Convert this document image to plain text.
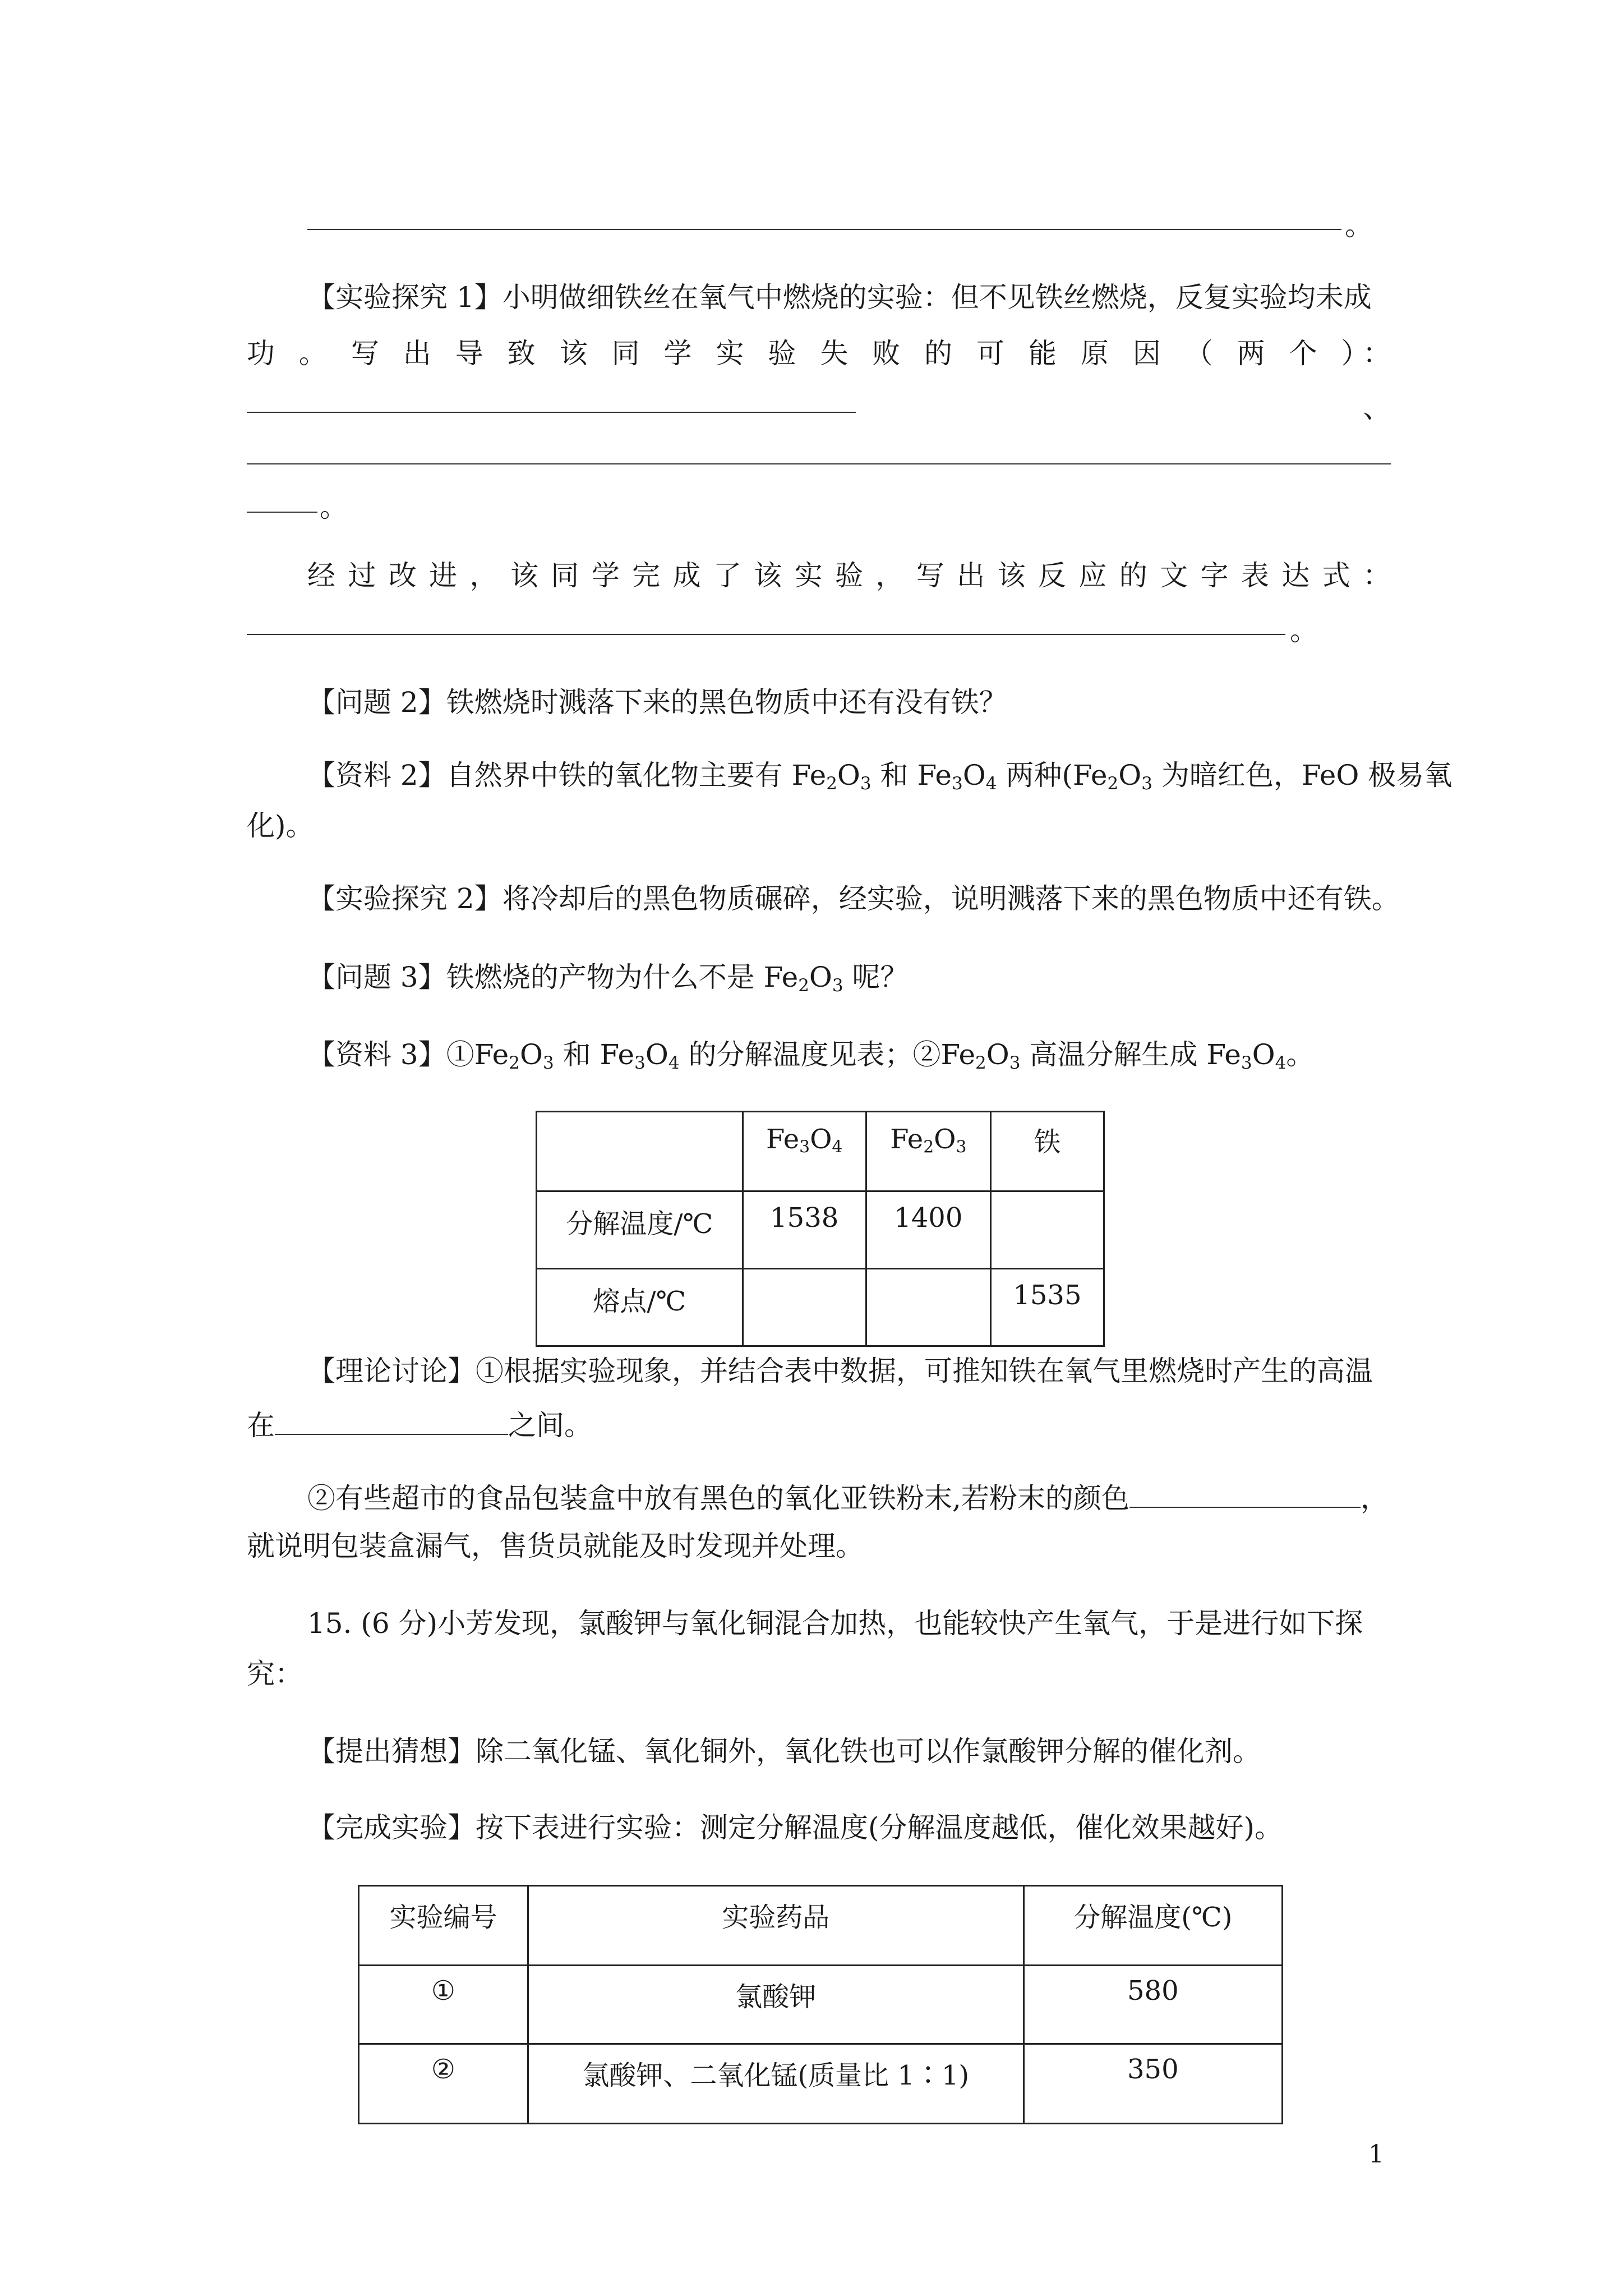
。
【实验探究 1】小明做细铁丝在氧气中燃烧的实验：但不见铁丝燃烧，反复实验均未成
功 。 写 出 导 致 该 同 学 实 验 失 败 的 可 能 原 因 （ 两 个 ）：
、
。
经 过 改 进 ， 该 同 学 完 成 了 该 实 验 ， 写 出 该 反 应 的 文 字 表 达 式 ：
。
【问题 2】铁燃烧时溅落下来的黑色物质中还有没有铁？
【资料 2】自然界中铁的氧化物主要有 $Fe_2O_3$ 和 $Fe_3O_4$ 两种($Fe_2O_3$ 为暗红色，FeO 极易氧
化)。
【实验探究 2】将冷却后的黑色物质碾碎，经实验，说明溅落下来的黑色物质中还有铁。
【问题 3】铁燃烧的产物为什么不是 $Fe_2O_3$ 呢？
【资料 3】$①Fe_2O_3$ 和 $Fe_3O_4$ 的分解温度见表；$②Fe_2O_3$ 高温分解生成 $Fe_3O_4$。
	$Fe_3O_4$	$Fe_2O_3$	铁
分解温度/℃	1538	1400	
熔点/℃			1535
【理论讨论】①根据实验现象，并结合表中数据，可推知铁在氧气里燃烧时产生的高温
在	之间。
②有些超市的食品包装盒中放有黑色的氧化亚铁粉末,若粉末的颜色	，
就说明包装盒漏气，售货员就能及时发现并处理。
15. (6 分)小芳发现，氯酸钾与氧化铜混合加热，也能较快产生氧气，于是进行如下探
究：
【提出猜想】除二氧化锰、氧化铜外，氧化铁也可以作氯酸钾分解的催化剂。
【完成实验】按下表进行实验：测定分解温度(分解温度越低，催化效果越好)。
实验编号	实验药品	分解温度(℃)
①	氯酸钾	580
②	氯酸钾、二氧化锰(质量比 1∶1)	350
1
